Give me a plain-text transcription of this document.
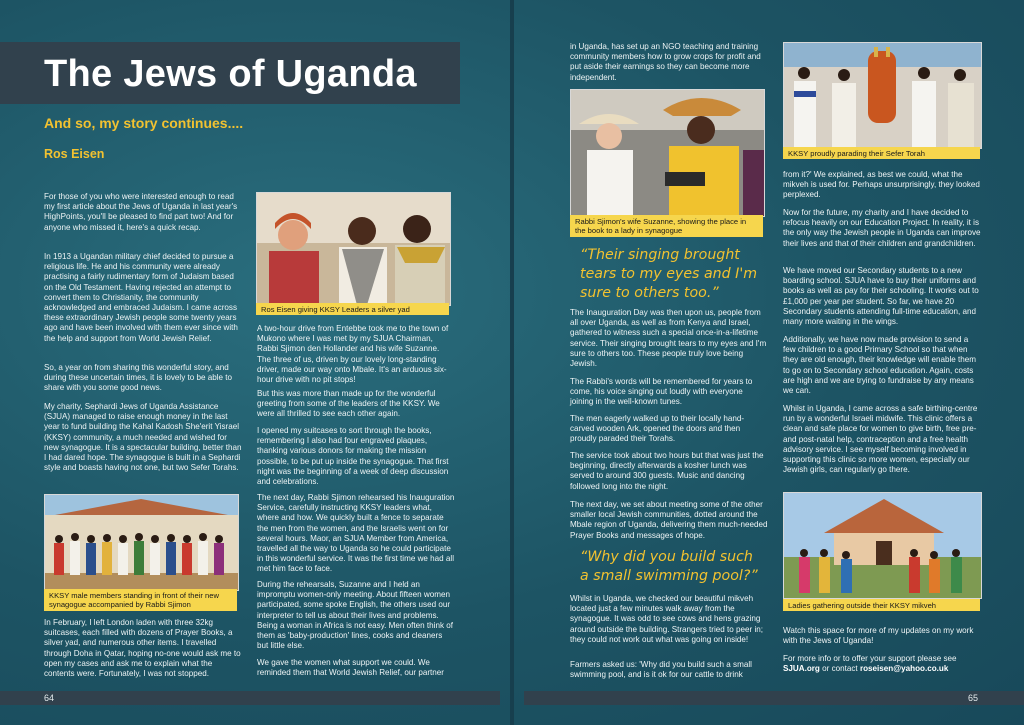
The Jews of Uganda
And so, my story continues....
Ros Eisen

For those of you who were interested enough to read my first article about the Jews of Uganda in last year's HighPoints, you'll be pleased to find part two! And for anyone who missed it, here's a quick recap.

In 1913 a Ugandan military chief decided to pursue a religious life. He and his community were already practising a fairly rudimentary form of Judaism based on the Old Testament. Having rejected an attempt to convert them to Christianity, the community acknowledged and embraced Judaism. I came across these extraordinary Jewish people some twenty years ago and have been involved with them ever since with the help and support from World Jewish Relief.

So, a year on from sharing this wonderful story, and during these uncertain times, it is lovely to be able to share with you some good news.

My charity, Sephardi Jews of Uganda Assistance (SJUA) managed to raise enough money in the last year to fund building the Kahal Kadosh She'erit Yisrael (KKSY) community, a much needed and wished for new synagogue. It is a spectacular building, better than I had dared hope. The synagogue is built in a Sephardi style and boasts having not one, but two Sefer Torahs.

In February, I left London laden with three 32kg suitcases, each filled with dozens of Prayer Books, a silver yad, and numerous other items. I travelled through Doha in Qatar, hoping no-one would ask me to open my cases and ask me to explain what the contents were. Fortunately, I was not stopped.

Ros Eisen giving KKSY Leaders a silver yad

A two-hour drive from Entebbe took me to the town of Mukono where I was met by my SJUA Chairman, Rabbi Sjimon den Hollander and his wife Suzanne. The three of us, driven by our lovely long-standing driver, made our way onto Mbale. It's an arduous six-hour drive with no pit stops!

But this was more than made up for the wonderful greeting from some of the leaders of the KKSY. We were all thrilled to see each other again.

I opened my suitcases to sort through the books, remembering I also had four engraved plaques, thanking various donors for making the mission possible, to be put up inside the synagogue. That first night was the beginning of a week of deep discussion and celebrations.

The next day, Rabbi Sjimon rehearsed his Inauguration Service, carefully instructing KKSY leaders what, where and how. We quickly built a fence to separate the men from the women, and the Israelis went on for several hours. Maor, an SJUA Member from America, travelled all the way to Uganda so he could participate in this wonderful service. It was the first time we had all met him face to face.

During the rehearsals, Suzanne and I held an impromptu women-only meeting. About fifteen women participated, some spoke English, the others used our interpreter to tell us about their lives and problems. Being a woman in Africa is not easy. Men often think of them as 'baby-production' lines, cooks and cleaners but little else.

We gave the women what support we could. We reminded them that World Jewish Relief, our partner

KKSY male members standing in front of their new synagogue accompanied by Rabbi Sjimon
64

in Uganda, has set up an NGO teaching and training community members how to grow crops for profit and put aside their earnings so they can become more independent.

Rabbi Sjimon's wife Suzanne, showing the place in the book to a lady in synagogue

“Their singing brought tears to my eyes and I'm sure to others too.”

The Inauguration Day was then upon us, people from all over Uganda, as well as from Kenya and Israel, gathered to witness such a special once-in-a-lifetime service. Their singing brought tears to my eyes and I'm sure to others too. These people truly love being Jewish.

The Rabbi's words will be remembered for years to come, his voice singing out loudly with everyone joining in the well-known tunes.

The men eagerly walked up to their locally hand-carved wooden Ark, opened the doors and then proudly paraded their Torahs.

The service took about two hours but that was just the beginning, directly afterwards a kosher lunch was served to around 300 guests. Music and dancing followed long into the night.

The next day, we set about meeting some of the other smaller local Jewish communities, dotted around the Mbale region of Uganda, delivering them much-needed Prayer Books and messages of hope.

“Why did you build such a small swimming pool?”

Whilst in Uganda, we checked our beautiful mikveh located just a few minutes walk away from the synagogue. It was odd to see cows and hens grazing around outside the building. Strangers tried to peer in; they could not work out what was going on inside!

Farmers asked us: 'Why did you build such a small swimming pool, and is it ok for our cattle to drink

KKSY proudly parading their Sefer Torah

from it?' We explained, as best we could, what the mikveh is used for. Perhaps unsurprisingly, they looked perplexed.

Now for the future, my charity and I have decided to refocus heavily on our Education Project. In reality, it is the only way the Jewish people in Uganda can improve their lives and that of their children and grandchildren.

We have moved our Secondary students to a new boarding school. SJUA have to buy their uniforms and books as well as pay for their schooling. It works out to £1,000 per year per student. So far, we have 20 Secondary students attending full-time education, and many more waiting in the wings.

Additionally, we have now made provision to send a few children to a good Primary School so that when they are old enough, their knowledge will enable them to go on to Secondary school education. Again, costs are high and we are trying to fundraise by any means we can.

Whilst in Uganda, I came across a safe birthing-centre run by a wonderful Israeli midwife. This clinic offers a clean and safe place for women to give birth, free pre- and post-natal help, contraception and a free health advisory service. I see myself becoming involved in supporting this clinic so more women, especially our Jewish girls, can regularly go there.

Ladies gathering outside their KKSY mikveh

Watch this space for more of my updates on my work with the Jews of Uganda!

For more info or to offer your support please see
SJUA.org or contact roseisen@yahoo.co.uk

65
